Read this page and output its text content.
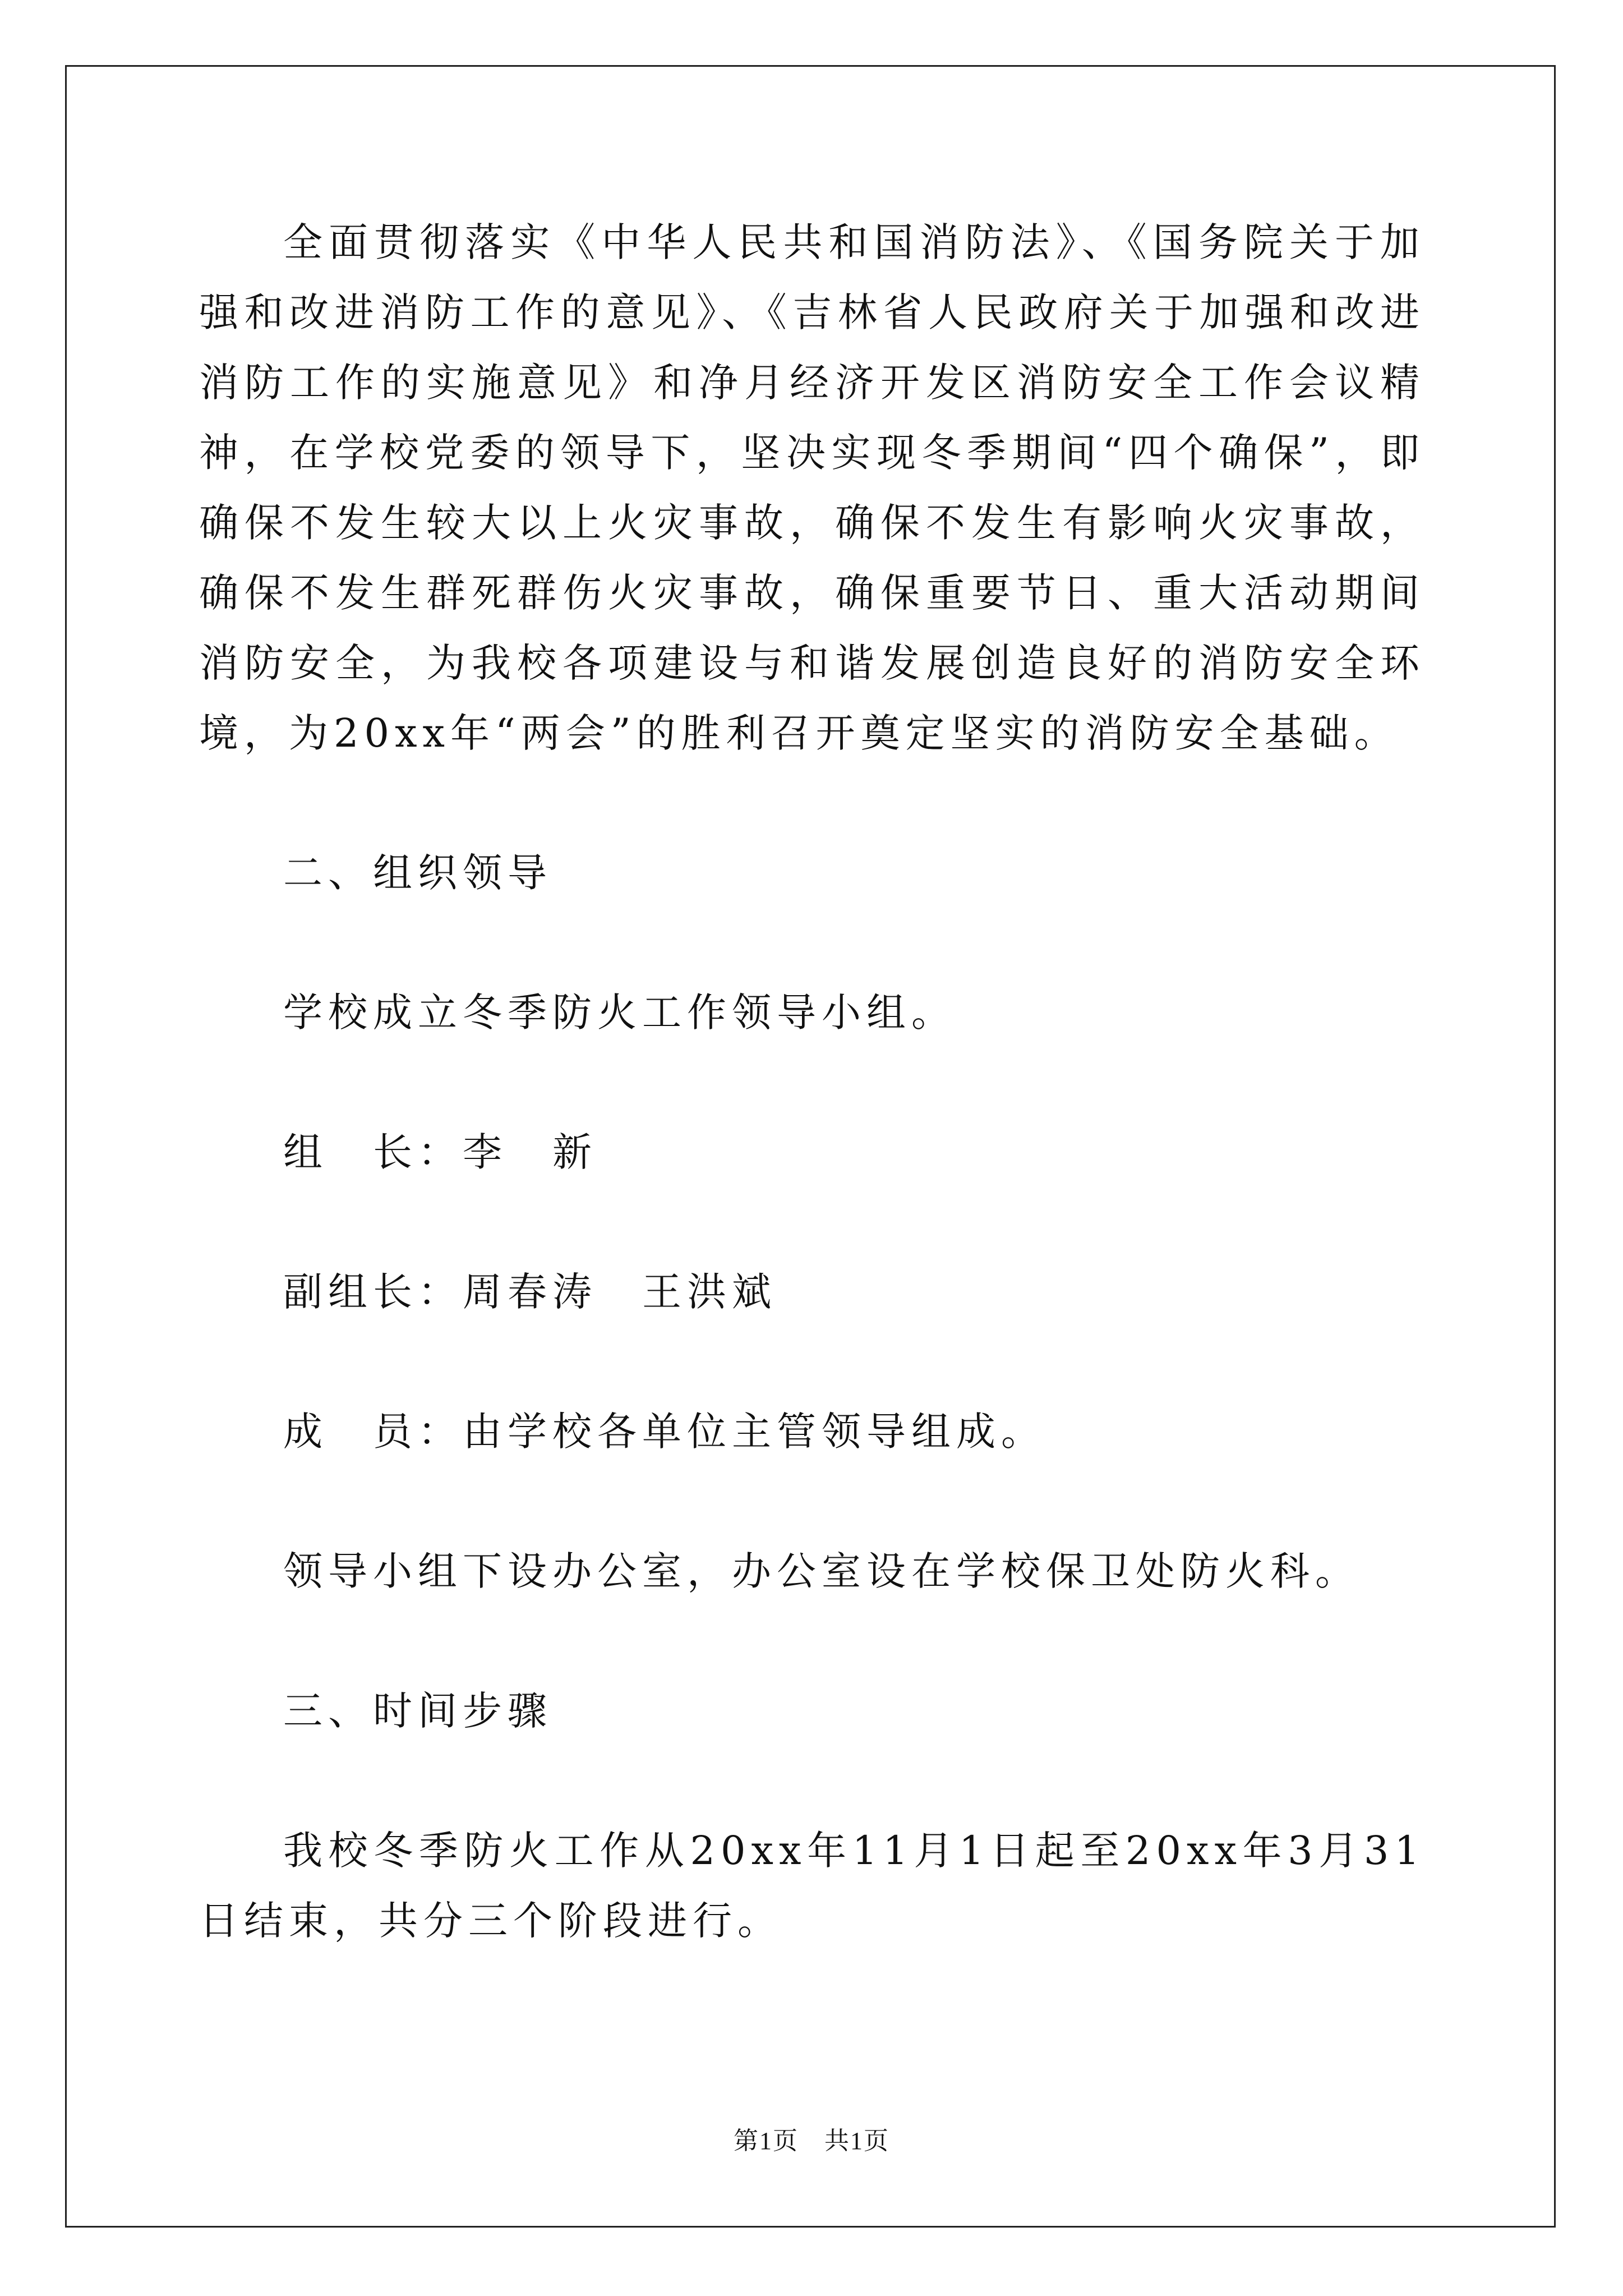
全面贯彻落实《中华人民共和国消防法》、《国务院关于加强和改进消防工作的意见》、《吉林省人民政府关于加强和改进消防工作的实施意见》和净月经济开发区消防安全工作会议精神，在学校党委的领导下，坚决实现冬季期间“四个确保”，即确保不发生较大以上火灾事故，确保不发生有影响火灾事故，确保不发生群死群伤火灾事故，确保重要节日、重大活动期间消防安全，为我校各项建设与和谐发展创造良好的消防安全环境，为20xx年“两会”的胜利召开奠定坚实的消防安全基础。

二、组织领导

学校成立冬季防火工作领导小组。

组　长：李　新

副组长：周春涛　王洪斌

成　员：由学校各单位主管领导组成。

领导小组下设办公室，办公室设在学校保卫处防火科。

三、时间步骤

我校冬季防火工作从20xx年11月1日起至20xx年3月31日结束，共分三个阶段进行。

第1页　共1页
